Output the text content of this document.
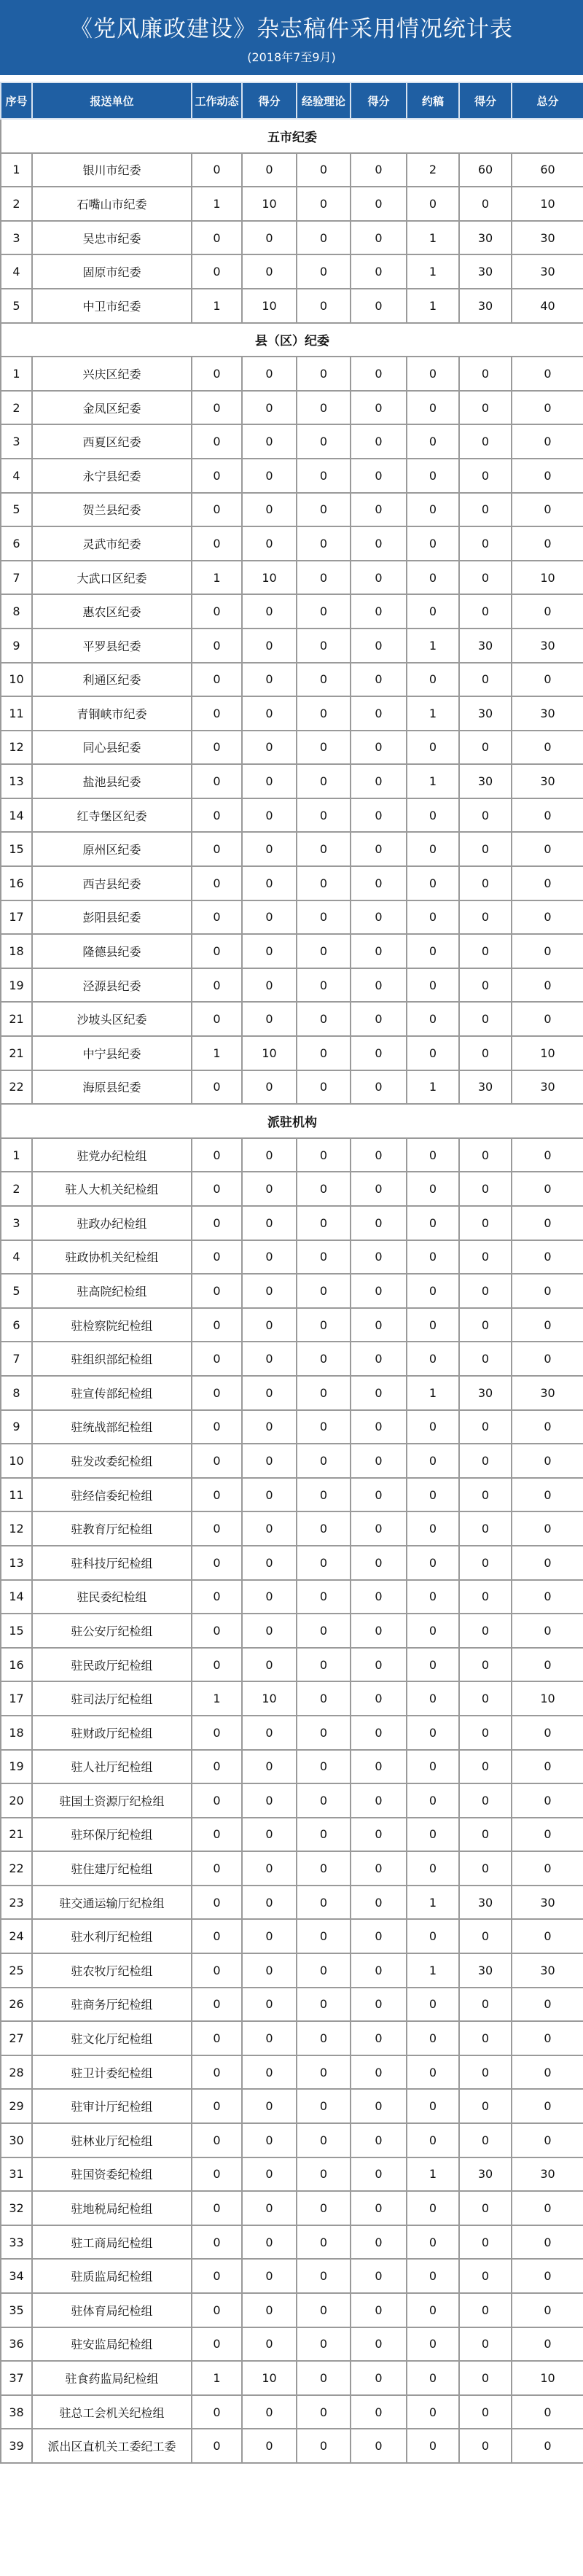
《党风廉政建设》杂志稿件采用情况统计表
(2018年7至9月)
序号	报送单位	工作动态	得分	经验理论	得分	约稿	得分	总分
五市纪委								
1	银川市纪委	0	0	0	0	2	60	60
2	石嘴山市纪委	1	10	0	0	0	0	10
3	吴忠市纪委	0	0	0	0	1	30	30
4	固原市纪委	0	0	0	0	1	30	30
5	中卫市纪委	1	10	0	0	1	30	40
县（区）纪委								
1	兴庆区纪委	0	0	0	0	0	0	0
2	金凤区纪委	0	0	0	0	0	0	0
3	西夏区纪委	0	0	0	0	0	0	0
4	永宁县纪委	0	0	0	0	0	0	0
5	贺兰县纪委	0	0	0	0	0	0	0
6	灵武市纪委	0	0	0	0	0	0	0
7	大武口区纪委	1	10	0	0	0	0	10
8	惠农区纪委	0	0	0	0	0	0	0
9	平罗县纪委	0	0	0	0	1	30	30
10	利通区纪委	0	0	0	0	0	0	0
11	青铜峡市纪委	0	0	0	0	1	30	30
12	同心县纪委	0	0	0	0	0	0	0
13	盐池县纪委	0	0	0	0	1	30	30
14	红寺堡区纪委	0	0	0	0	0	0	0
15	原州区纪委	0	0	0	0	0	0	0
16	西吉县纪委	0	0	0	0	0	0	0
17	彭阳县纪委	0	0	0	0	0	0	0
18	隆德县纪委	0	0	0	0	0	0	0
19	泾源县纪委	0	0	0	0	0	0	0
21	沙坡头区纪委	0	0	0	0	0	0	0
21	中宁县纪委	1	10	0	0	0	0	10
22	海原县纪委	0	0	0	0	1	30	30
派驻机构								
1	驻党办纪检组	0	0	0	0	0	0	0
2	驻人大机关纪检组	0	0	0	0	0	0	0
3	驻政办纪检组	0	0	0	0	0	0	0
4	驻政协机关纪检组	0	0	0	0	0	0	0
5	驻高院纪检组	0	0	0	0	0	0	0
6	驻检察院纪检组	0	0	0	0	0	0	0
7	驻组织部纪检组	0	0	0	0	0	0	0
8	驻宣传部纪检组	0	0	0	0	1	30	30
9	驻统战部纪检组	0	0	0	0	0	0	0
10	驻发改委纪检组	0	0	0	0	0	0	0
11	驻经信委纪检组	0	0	0	0	0	0	0
12	驻教育厅纪检组	0	0	0	0	0	0	0
13	驻科技厅纪检组	0	0	0	0	0	0	0
14	驻民委纪检组	0	0	0	0	0	0	0
15	驻公安厅纪检组	0	0	0	0	0	0	0
16	驻民政厅纪检组	0	0	0	0	0	0	0
17	驻司法厅纪检组	1	10	0	0	0	0	10
18	驻财政厅纪检组	0	0	0	0	0	0	0
19	驻人社厅纪检组	0	0	0	0	0	0	0
20	驻国土资源厅纪检组	0	0	0	0	0	0	0
21	驻环保厅纪检组	0	0	0	0	0	0	0
22	驻住建厅纪检组	0	0	0	0	0	0	0
23	驻交通运输厅纪检组	0	0	0	0	1	30	30
24	驻水利厅纪检组	0	0	0	0	0	0	0
25	驻农牧厅纪检组	0	0	0	0	1	30	30
26	驻商务厅纪检组	0	0	0	0	0	0	0
27	驻文化厅纪检组	0	0	0	0	0	0	0
28	驻卫计委纪检组	0	0	0	0	0	0	0
29	驻审计厅纪检组	0	0	0	0	0	0	0
30	驻林业厅纪检组	0	0	0	0	0	0	0
31	驻国资委纪检组	0	0	0	0	1	30	30
32	驻地税局纪检组	0	0	0	0	0	0	0
33	驻工商局纪检组	0	0	0	0	0	0	0
34	驻质监局纪检组	0	0	0	0	0	0	0
35	驻体育局纪检组	0	0	0	0	0	0	0
36	驻安监局纪检组	0	0	0	0	0	0	0
37	驻食药监局纪检组	1	10	0	0	0	0	10
38	驻总工会机关纪检组	0	0	0	0	0	0	0
39	派出区直机关工委纪工委	0	0	0	0	0	0	0
